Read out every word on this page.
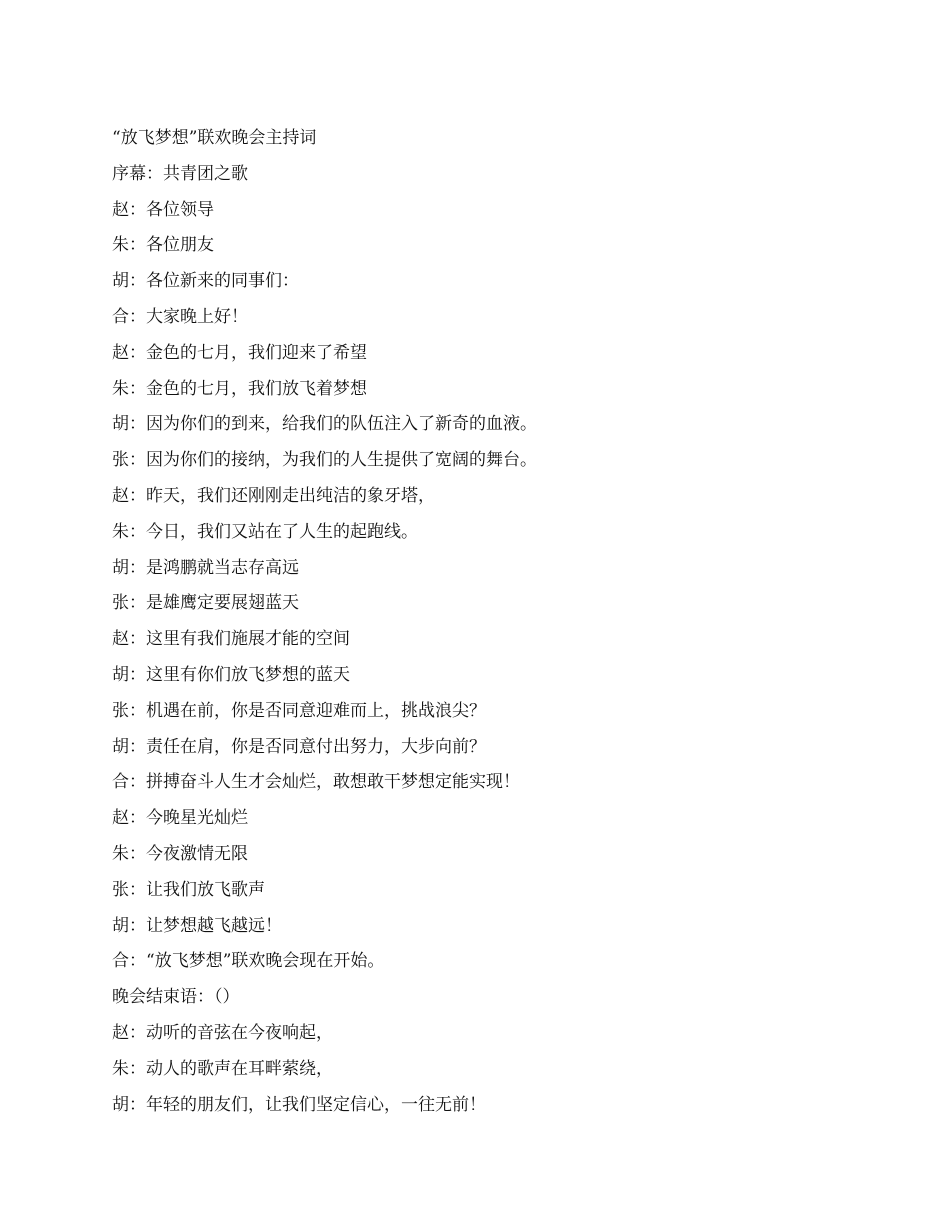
“放飞梦想”联欢晚会主持词
序幕：共青团之歌
赵：各位领导
朱：各位朋友
胡：各位新来的同事们：
合：大家晚上好！
赵：金色的七月，我们迎来了希望
朱：金色的七月，我们放飞着梦想
胡：因为你们的到来，给我们的队伍注入了新奇的血液。
张：因为你们的接纳，为我们的人生提供了宽阔的舞台。
赵：昨天，我们还刚刚走出纯洁的象牙塔，
朱：今日，我们又站在了人生的起跑线。
胡：是鸿鹏就当志存高远
张：是雄鹰定要展翅蓝天
赵：这里有我们施展才能的空间
胡：这里有你们放飞梦想的蓝天
张：机遇在前，你是否同意迎难而上，挑战浪尖？
胡：责任在肩，你是否同意付出努力，大步向前？
合：拼搏奋斗人生才会灿烂，敢想敢干梦想定能实现！
赵：今晚星光灿烂
朱：今夜激情无限
张：让我们放飞歌声
胡：让梦想越飞越远！
合：“放飞梦想”联欢晚会现在开始。
晚会结束语：（）
赵：动听的音弦在今夜响起，
朱：动人的歌声在耳畔萦绕，
胡：年轻的朋友们，让我们坚定信心，一往无前！
